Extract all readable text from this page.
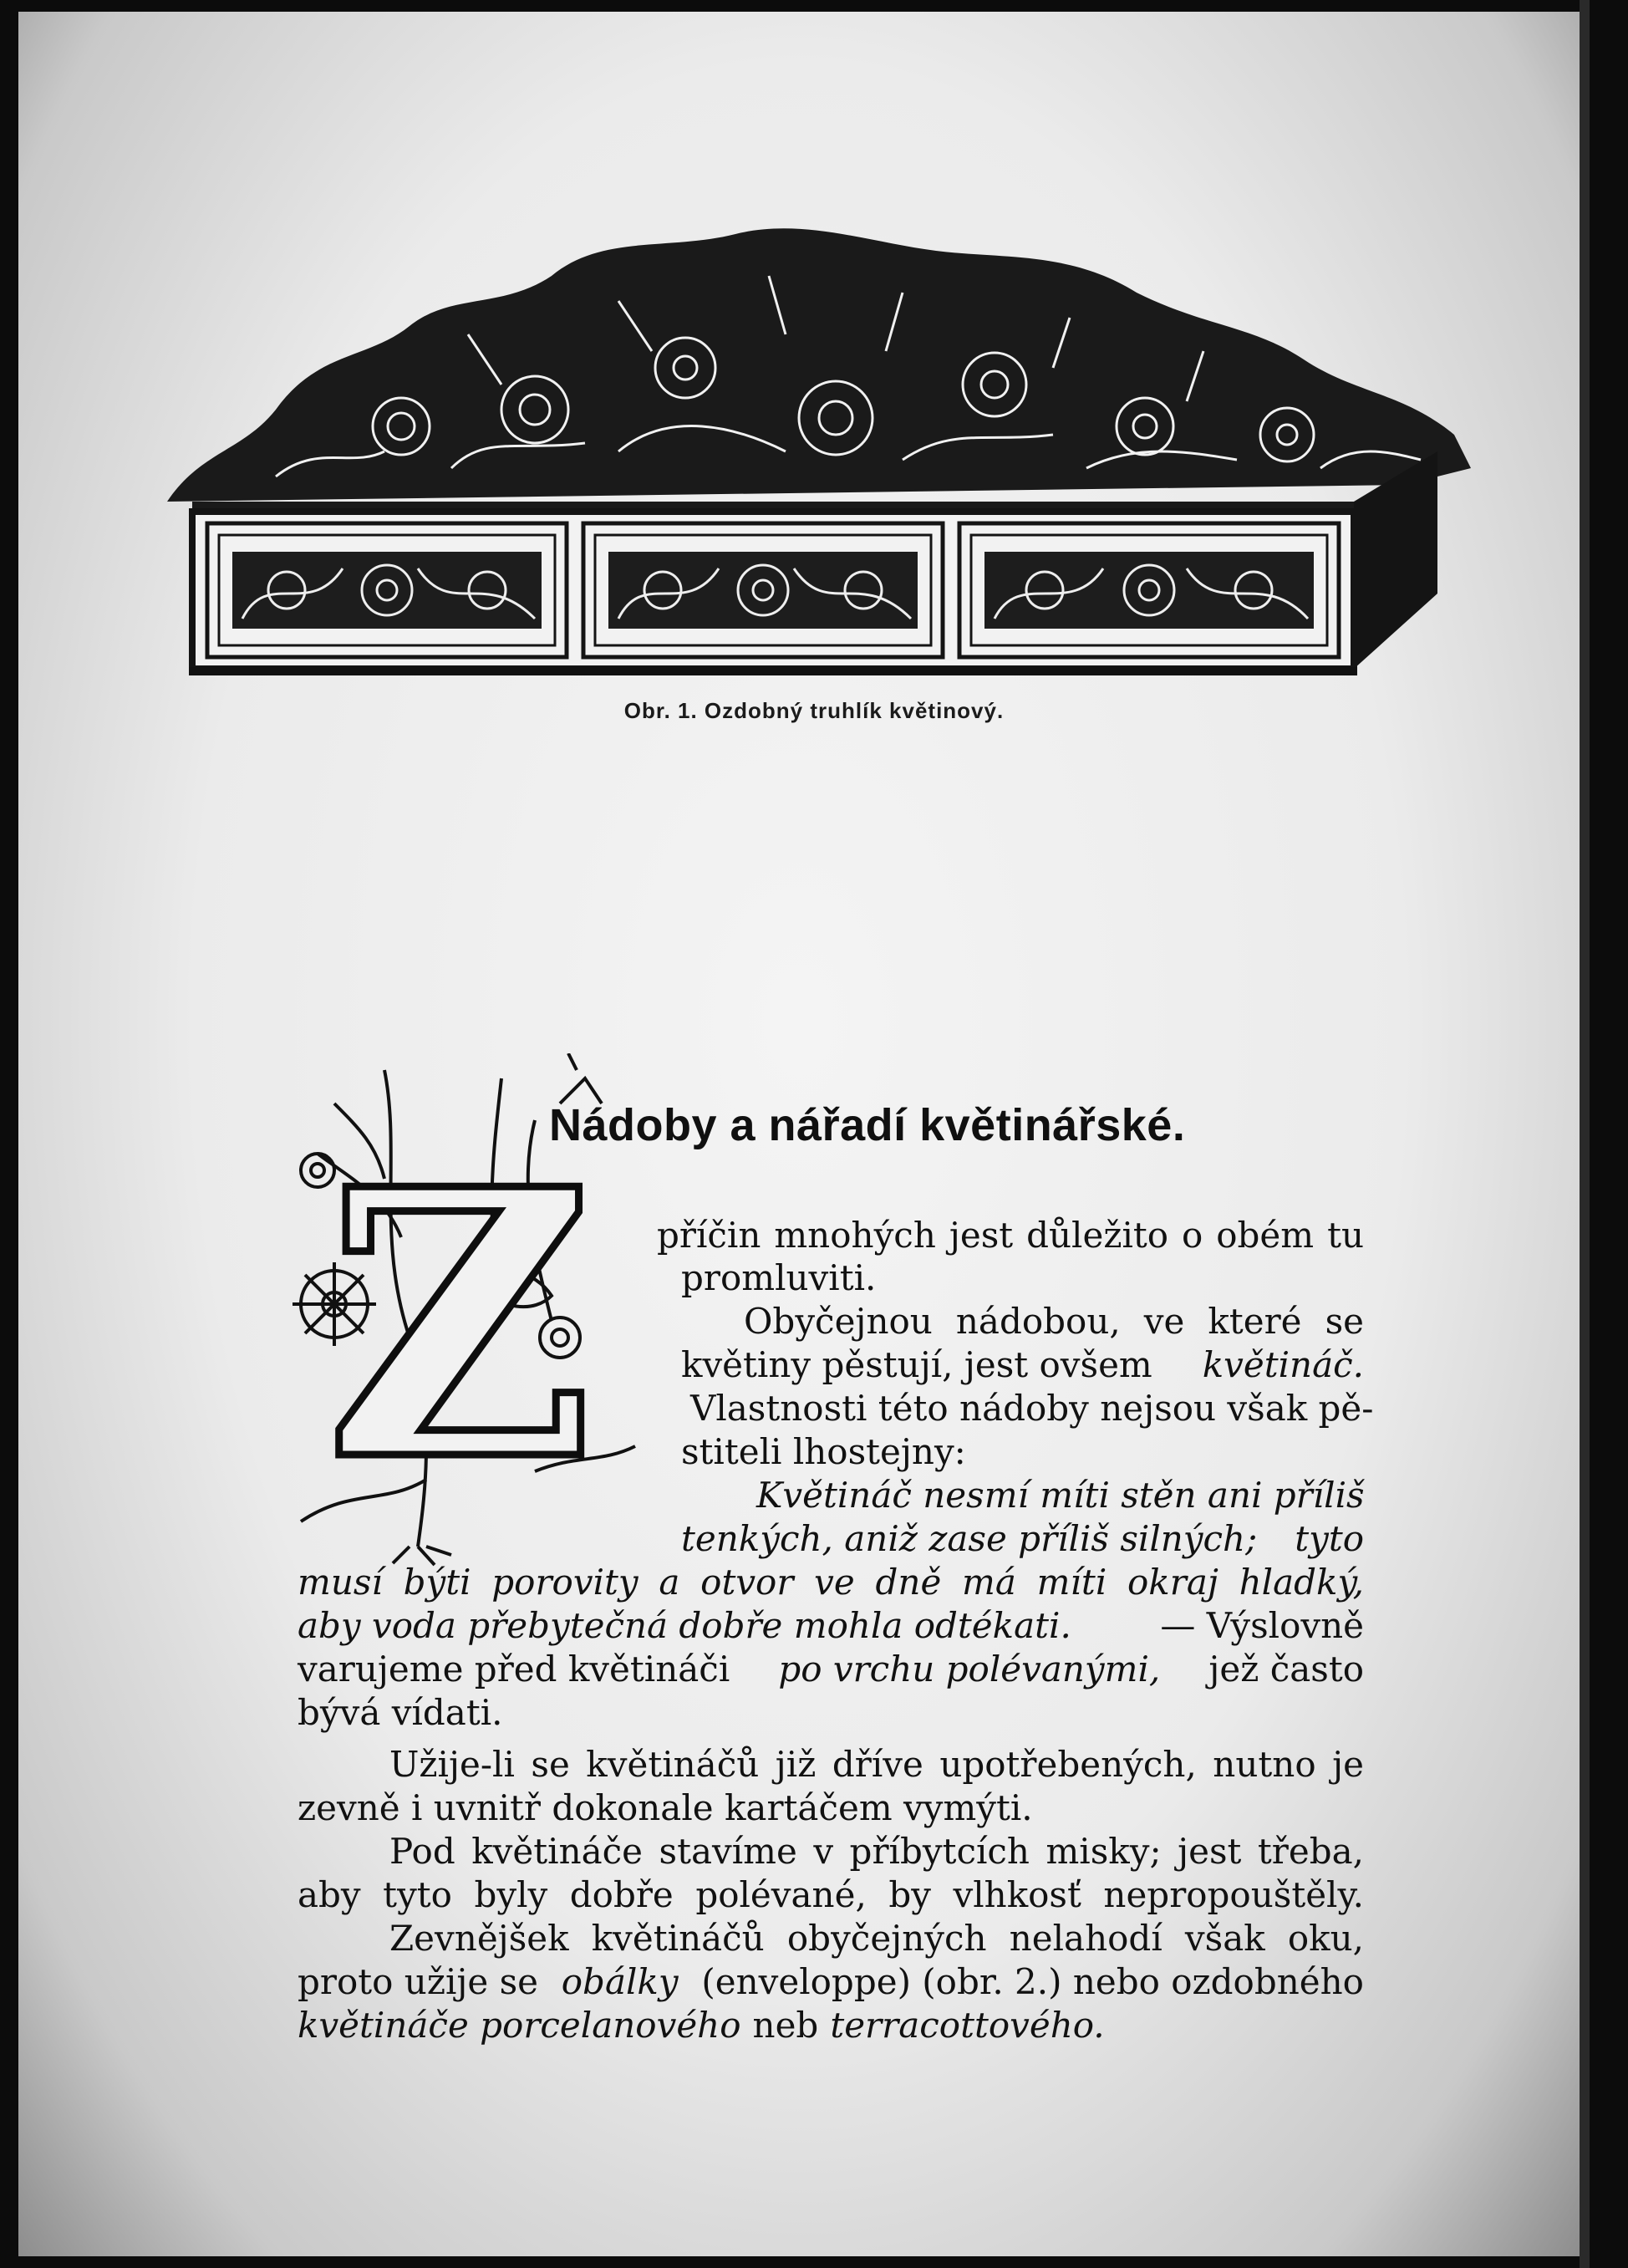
Obr. 1. Ozdobný truhlík květinový.
Z
Nádoby a nářadí květinářské.

příčin mnohých jest důležito o obém tu

promluviti.

Obyčejnou nádobou, ve které se

květiny pěstují, jest ovšem květináč.

Vlastnosti této nádoby nejsou však pě-

stiteli lhostejny:

Květináč nesmí míti stěn ani příliš

tenkých, aniž zase příliš silných; tyto

musí býti porovity a otvor ve dně má míti okraj hladký,

aby voda přebytečná dobře mohla odtékati.	— Výslovně
varujeme před květináči po vrchu polévanými, jež často

bývá vídati.

Užije-li se květináčů již dříve upotřebených, nutno je

zevně i uvnitř dokonale kartáčem vymýti.

Pod květináče stavíme v příbytcích misky; jest třeba,

aby tyto byly dobře polévané, by vlhkosť nepropouštěly.

Zevnějšek květináčů obyčejných nelahodí však oku,

proto užije se obálky (enveloppe) (obr. 2.) nebo ozdobného
květináče porcelanového neb terracottového.
